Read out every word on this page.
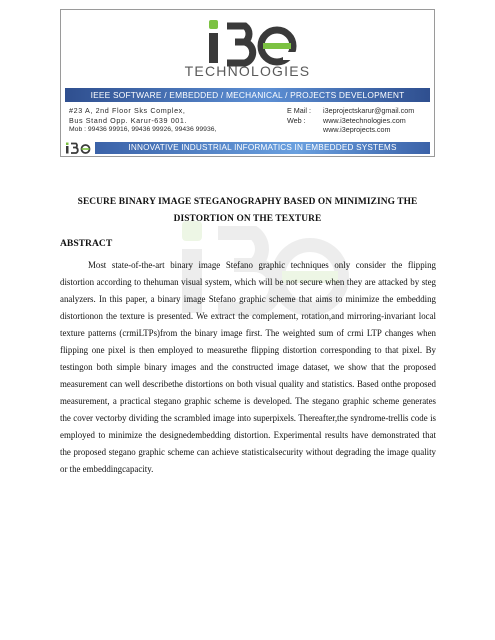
TECHNOLOGIES
IEEE SOFTWARE / EMBEDDED / MECHANICAL / PROJECTS DEVELOPMENT
#23 A, 2nd Floor Sks Complex,
Bus Stand Opp. Karur-639 001.
Mob : 99436 99916, 99436 99926, 99436 99936,
E Mail : i3eprojectskarur@gmail.com
Web : www.i3etechnologies.com
www.i3eprojects.com
INNOVATIVE INDUSTRIAL INFORMATICS IN EMBEDDED SYSTEMS
SECURE BINARY IMAGE STEGANOGRAPHY BASED ON MINIMIZING THE
DISTORTION ON THE TEXTURE
ABSTRACT

Most state-of-the-art binary image Stefano graphic techniques only consider the flipping distortion according to thehuman visual system, which will be not secure when they are attacked by steg analyzers. In this paper, a binary image Stefano graphic scheme that aims to minimize the embedding distortionon the texture is presented. We extract the complement, rotation,and mirroring-invariant local texture patterns (crmiLTPs)from the binary image first. The weighted sum of crmi LTP changes when flipping one pixel is then employed to measurethe flipping distortion corresponding to that pixel. By testingon both simple binary images and the constructed image dataset, we show that the proposed measurement can well describethe distortions on both visual quality and statistics. Based onthe proposed measurement, a practical stegano graphic scheme is developed. The stegano graphic scheme generates the cover vectorby dividing the scrambled image into superpixels. Thereafter,the syndrome-trellis code is employed to minimize the designedembedding distortion. Experimental results have demonstrated that the proposed stegano graphic scheme can achieve statisticalsecurity without degrading the image quality or the embeddingcapacity.
